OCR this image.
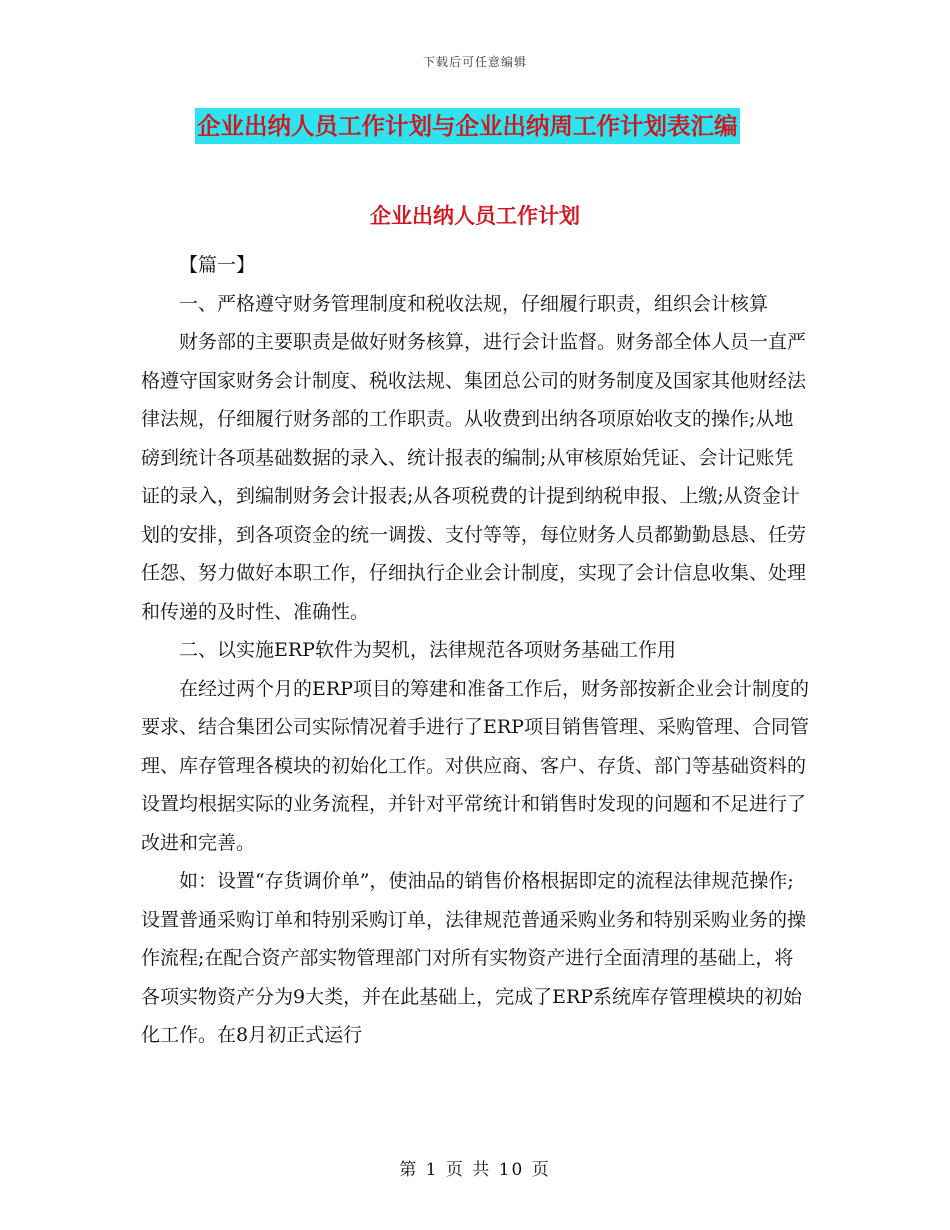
下载后可任意编辑
企业出纳人员工作计划与企业出纳周工作计划表汇编
企业出纳人员工作计划

【篇一】

一、严格遵守财务管理制度和税收法规，仔细履行职责，组织会计核算

财务部的主要职责是做好财务核算，进行会计监督。财务部全体人员一直严格遵守国家财务会计制度、税收法规、集团总公司的财务制度及国家其他财经法律法规，仔细履行财务部的工作职责。从收费到出纳各项原始收支的操作;从地磅到统计各项基础数据的录入、统计报表的编制;从审核原始凭证、会计记账凭证的录入，到编制财务会计报表;从各项税费的计提到纳税申报、上缴;从资金计划的安排，到各项资金的统一调拨、支付等等，每位财务人员都勤勤恳恳、任劳任怨、努力做好本职工作，仔细执行企业会计制度，实现了会计信息收集、处理和传递的及时性、准确性。

二、以实施ERP软件为契机，法律规范各项财务基础工作用

在经过两个月的ERP项目的筹建和准备工作后，财务部按新企业会计制度的要求、结合集团公司实际情况着手进行了ERP项目销售管理、采购管理、合同管理、库存管理各模块的初始化工作。对供应商、客户、存货、部门等基础资料的设置均根据实际的业务流程，并针对平常统计和销售时发现的问题和不足进行了改进和完善。

如：设置“存货调价单”，使油品的销售价格根据即定的流程法律规范操作;设置普通采购订单和特别采购订单，法律规范普通采购业务和特别采购业务的操作流程;在配合资产部实物管理部门对所有实物资产进行全面清理的基础上，将各项实物资产分为9大类，并在此基础上，完成了ERP系统库存管理模块的初始化工作。在8月初正式运行

第 1 页 共 10 页
